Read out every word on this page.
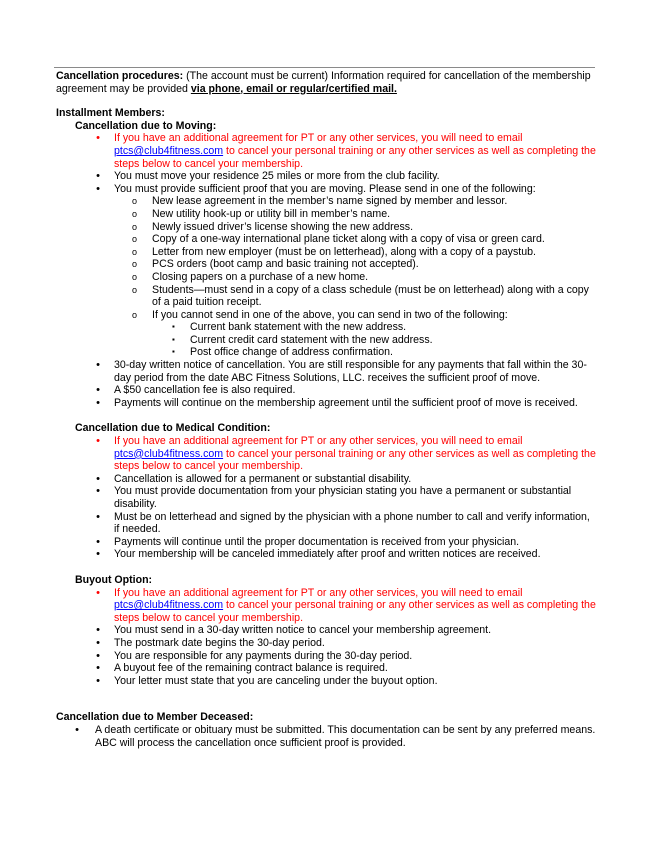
Cancellation procedures: (The account must be current) Information required for cancellation of the membership agreement may be provided via phone, email or regular/certified mail.

Installment Members:
Cancellation due to Moving:
• If you have an additional agreement for PT or any other services, you will need to email ptcs@club4fitness.com to cancel your personal training or any other services as well as completing the steps below to cancel your membership.
• You must move your residence 25 miles or more from the club facility.
• You must provide sufficient proof that you are moving. Please send in one of the following:
o New lease agreement in the member’s name signed by member and lessor.
o New utility hook-up or utility bill in member’s name.
o Newly issued driver’s license showing the new address.
o Copy of a one-way international plane ticket along with a copy of visa or green card.
o Letter from new employer (must be on letterhead), along with a copy of a paystub.
o PCS orders (boot camp and basic training not accepted).
o Closing papers on a purchase of a new home.
o Students—must send in a copy of a class schedule (must be on letterhead) along with a copy of a paid tuition receipt.
o If you cannot send in one of the above, you can send in two of the following:
▪ Current bank statement with the new address.
▪ Current credit card statement with the new address.
▪ Post office change of address confirmation.
• 30-day written notice of cancellation. You are still responsible for any payments that fall within the 30-day period from the date ABC Fitness Solutions, LLC. receives the sufficient proof of move.
• A $50 cancellation fee is also required.
• Payments will continue on the membership agreement until the sufficient proof of move is received.
Cancellation due to Medical Condition:
• If you have an additional agreement for PT or any other services, you will need to email ptcs@club4fitness.com to cancel your personal training or any other services as well as completing the steps below to cancel your membership.
• Cancellation is allowed for a permanent or substantial disability.
• You must provide documentation from your physician stating you have a permanent or substantial disability.
• Must be on letterhead and signed by the physician with a phone number to call and verify information, if needed.
• Payments will continue until the proper documentation is received from your physician.
• Your membership will be canceled immediately after proof and written notices are received.
Buyout Option:
• If you have an additional agreement for PT or any other services, you will need to email ptcs@club4fitness.com to cancel your personal training or any other services as well as completing the steps below to cancel your membership.
• You must send in a 30-day written notice to cancel your membership agreement.
• The postmark date begins the 30-day period.
• You are responsible for any payments during the 30-day period.
• A buyout fee of the remaining contract balance is required.
• Your letter must state that you are canceling under the buyout option.
Cancellation due to Member Deceased:
• A death certificate or obituary must be submitted. This documentation can be sent by any preferred means. ABC will process the cancellation once sufficient proof is provided.
